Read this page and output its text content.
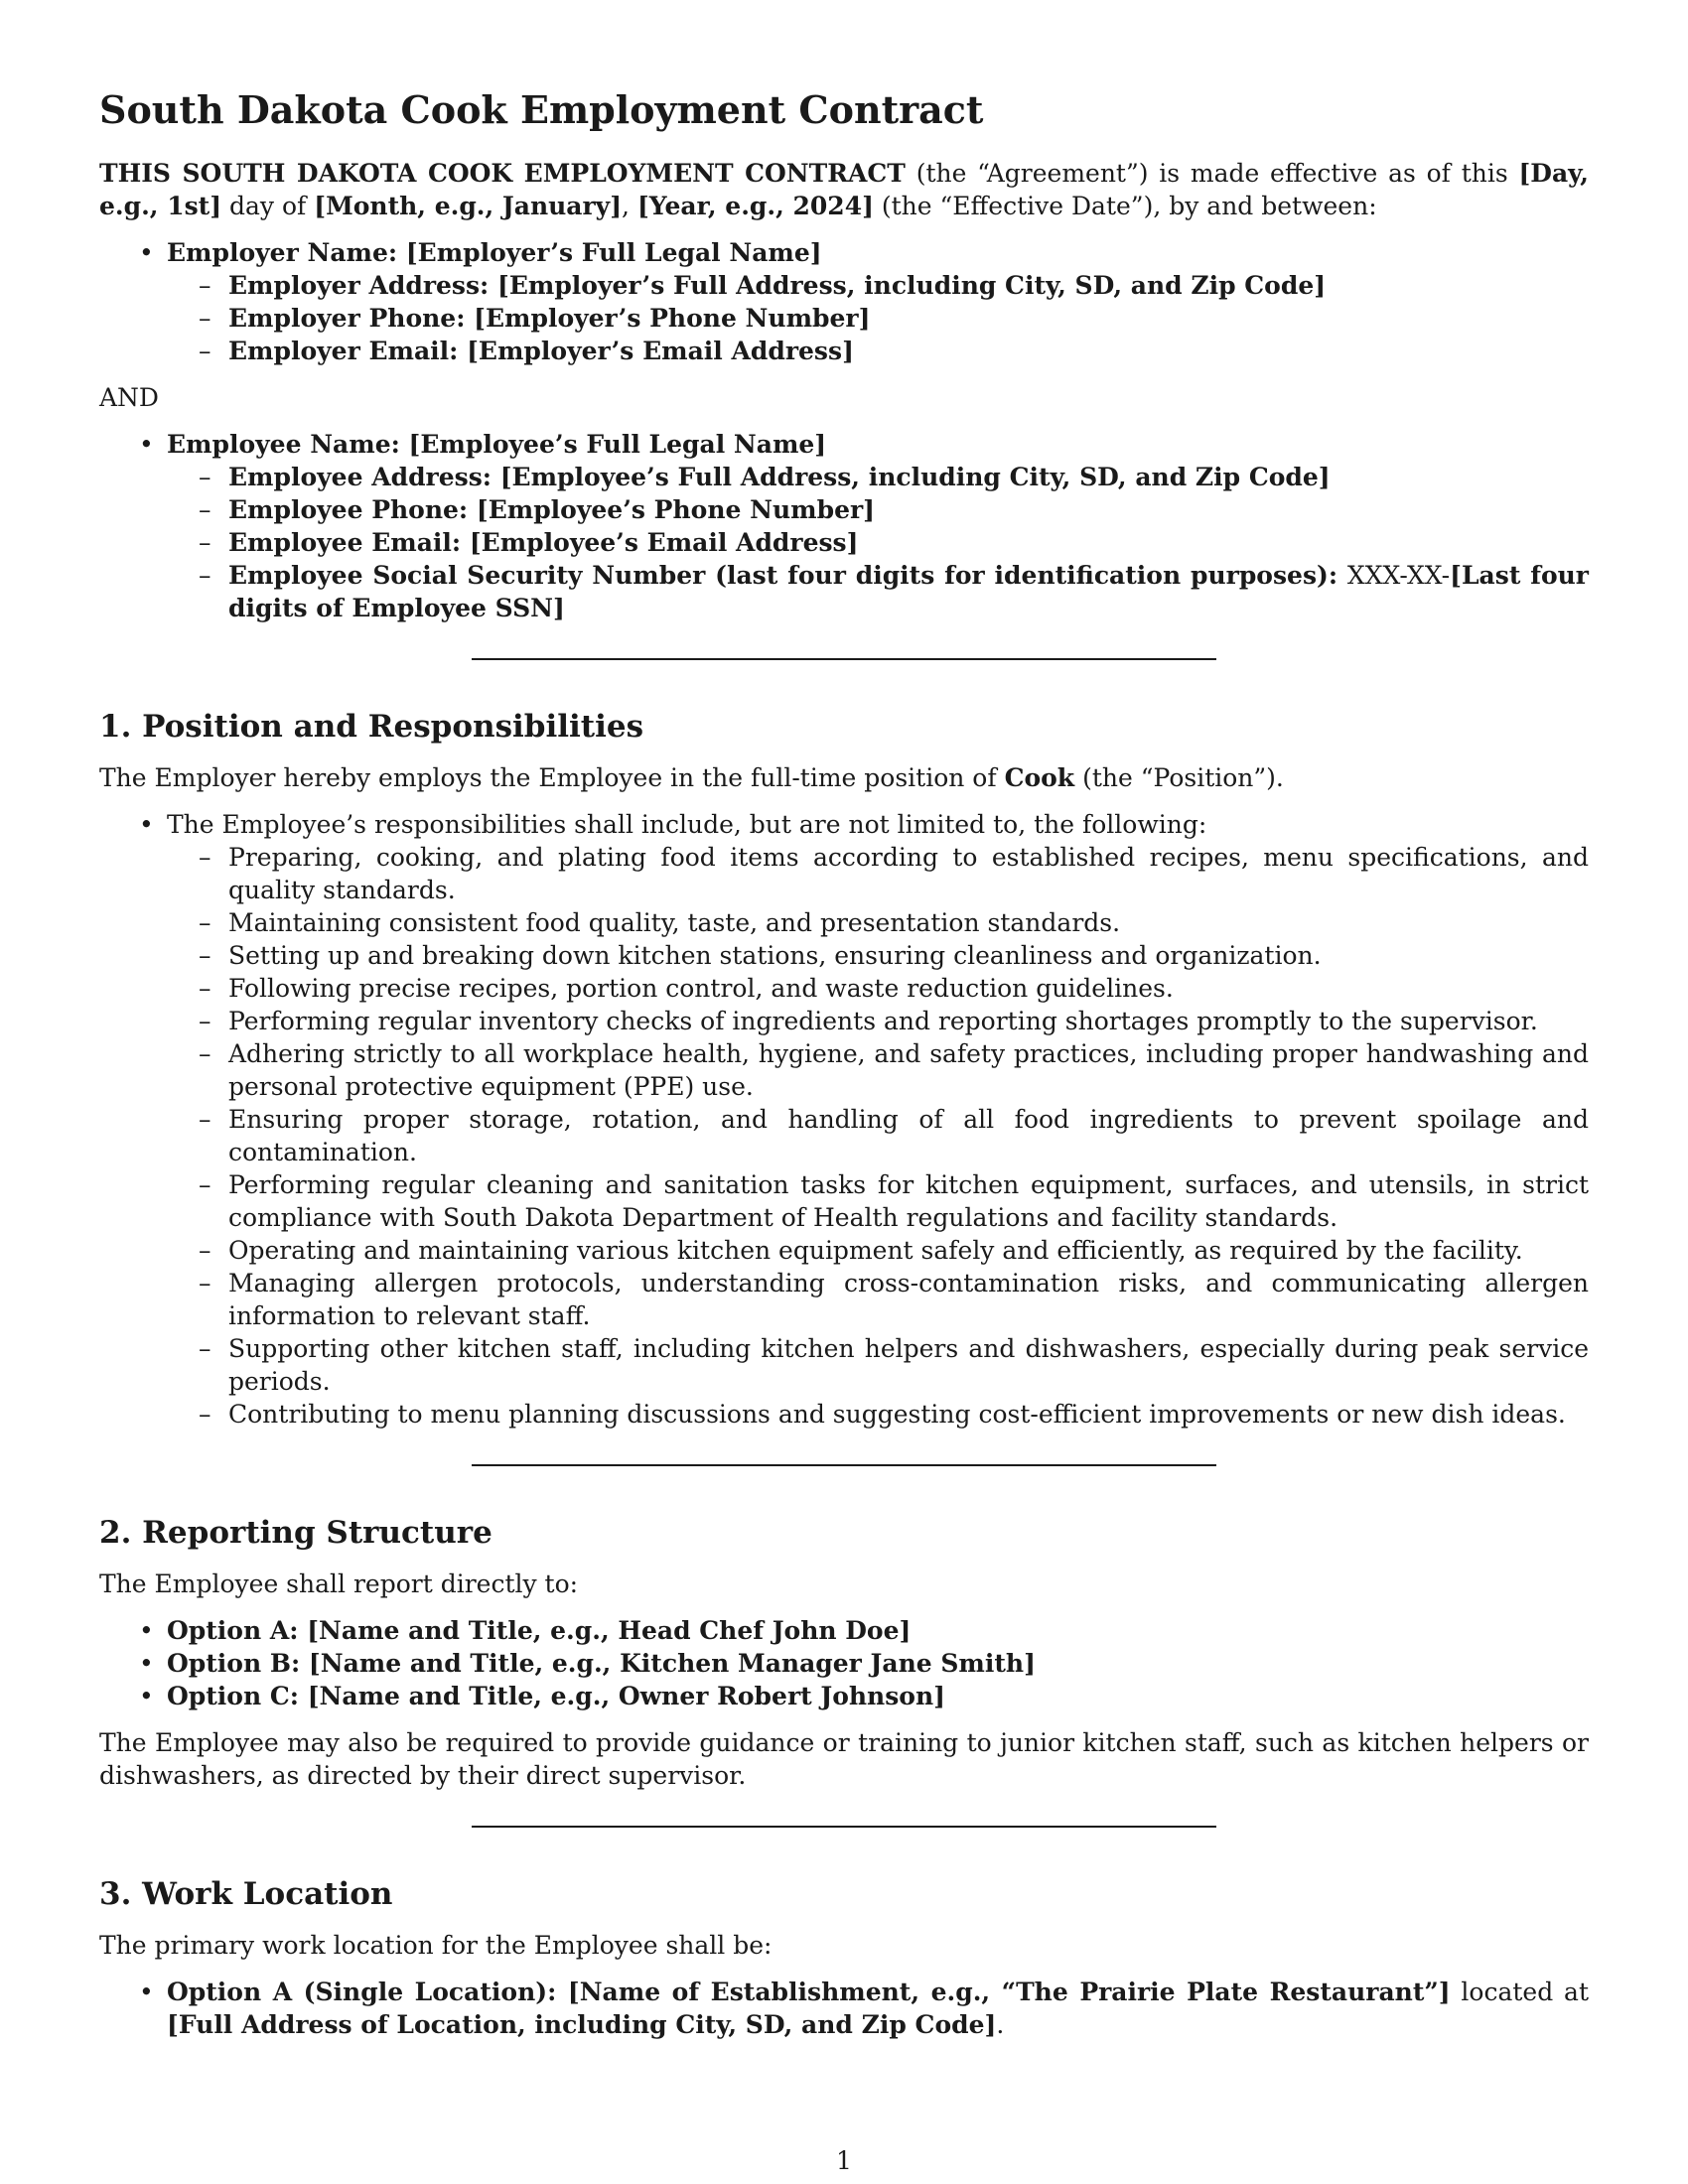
South Dakota Cook Employment Contract

THIS SOUTH DAKOTA COOK EMPLOYMENT CONTRACT (the “Agreement”) is made effective as of this [Day, e.g., 1st] day of [Month, e.g., January], [Year, e.g., 2024] (the “Effective Date”), by and between:

• Employer Name: [Employer’s Full Legal Name]
– Employer Address: [Employer’s Full Address, including City, SD, and Zip Code]
– Employer Phone: [Employer’s Phone Number]
– Employer Email: [Employer’s Email Address]
AND
• Employee Name: [Employee’s Full Legal Name]
– Employee Address: [Employee’s Full Address, including City, SD, and Zip Code]
– Employee Phone: [Employee’s Phone Number]
– Employee Email: [Employee’s Email Address]
– Employee Social Security Number (last four digits for identification purposes): XXX-XX-[Last four digits of Employee SSN]
1. Position and Responsibilities

The Employer hereby employs the Employee in the full-time position of Cook (the “Position”).

• The Employee’s responsibilities shall include, but are not limited to, the following:
– Preparing, cooking, and plating food items according to established recipes, menu specifications, and quality standards.
– Maintaining consistent food quality, taste, and presentation standards.
– Setting up and breaking down kitchen stations, ensuring cleanliness and organization.
– Following precise recipes, portion control, and waste reduction guidelines.
– Performing regular inventory checks of ingredients and reporting shortages promptly to the supervisor.
– Adhering strictly to all workplace health, hygiene, and safety practices, including proper handwashing and personal protective equipment (PPE) use.
– Ensuring proper storage, rotation, and handling of all food ingredients to prevent spoilage and contamination.
– Performing regular cleaning and sanitation tasks for kitchen equipment, surfaces, and utensils, in strict compliance with South Dakota Department of Health regulations and facility standards.
– Operating and maintaining various kitchen equipment safely and efficiently, as required by the facility.
– Managing allergen protocols, understanding cross-contamination risks, and communicating allergen information to relevant staff.
– Supporting other kitchen staff, including kitchen helpers and dishwashers, especially during peak service periods.
– Contributing to menu planning discussions and suggesting cost-efficient improvements or new dish ideas.
2. Reporting Structure

The Employee shall report directly to:

• Option A: [Name and Title, e.g., Head Chef John Doe]
• Option B: [Name and Title, e.g., Kitchen Manager Jane Smith]
• Option C: [Name and Title, e.g., Owner Robert Johnson]

The Employee may also be required to provide guidance or training to junior kitchen staff, such as kitchen helpers or dishwashers, as directed by their direct supervisor.

3. Work Location

The primary work location for the Employee shall be:

• Option A (Single Location): [Name of Establishment, e.g., “The Prairie Plate Restaurant”] located at [Full Address of Location, including City, SD, and Zip Code].
1
